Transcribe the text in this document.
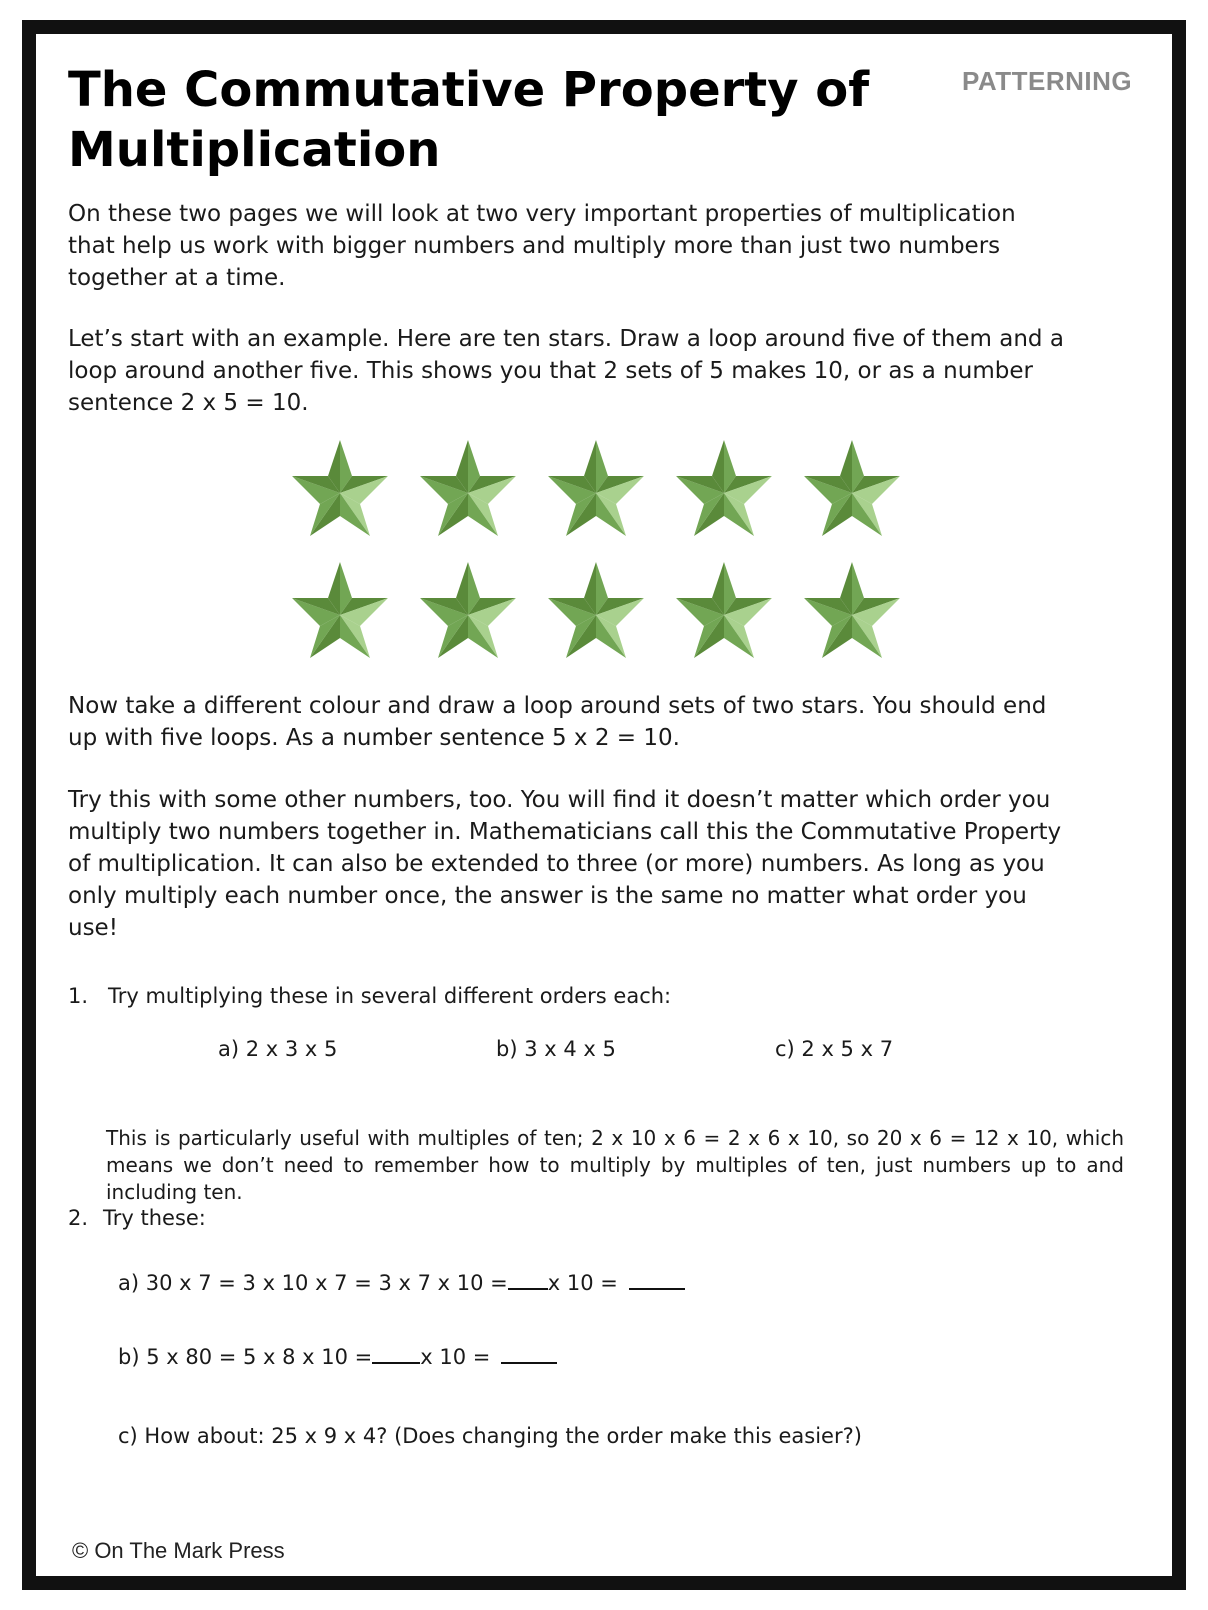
The Commutative Property of Multiplication
PATTERNING

On these two pages we will look at two very important properties of multiplication that help us work with bigger numbers and multiply more than just two numbers together at a time.

Let’s start with an example. Here are ten stars. Draw a loop around five of them and a loop around another five. This shows you that 2 sets of 5 makes 10, or as a number sentence 2 x 5 = 10.

Now take a different colour and draw a loop around sets of two stars. You should end up with five loops. As a number sentence 5 x 2 = 10.

Try this with some other numbers, too. You will find it doesn’t matter which order you multiply two numbers together in. Mathematicians call this the Commutative Property of multiplication. It can also be extended to three (or more) numbers. As long as you only multiply each number once, the answer is the same no matter what order you use!

1. Try multiplying these in several different orders each:
a) 2 x 3 x 5	b) 3 x 4 x 5	c) 2 x 5 x 7

This is particularly useful with multiples of ten; 2 x 10 x 6 = 2 x 6 x 10, so 20 x 6 = 12 x 10, which means we don’t need to remember how to multiply by multiples of ten, just numbers up to and including ten.

2. Try these:
a) 30 x 7 = 3 x 10 x 7 = 3 x 7 x 10 = x 10 =
b) 5 x 80 = 5 x 8 x 10 = x 10 =
c) How about: 25 x 9 x 4? (Does changing the order make this easier?)
© On The Mark Press
